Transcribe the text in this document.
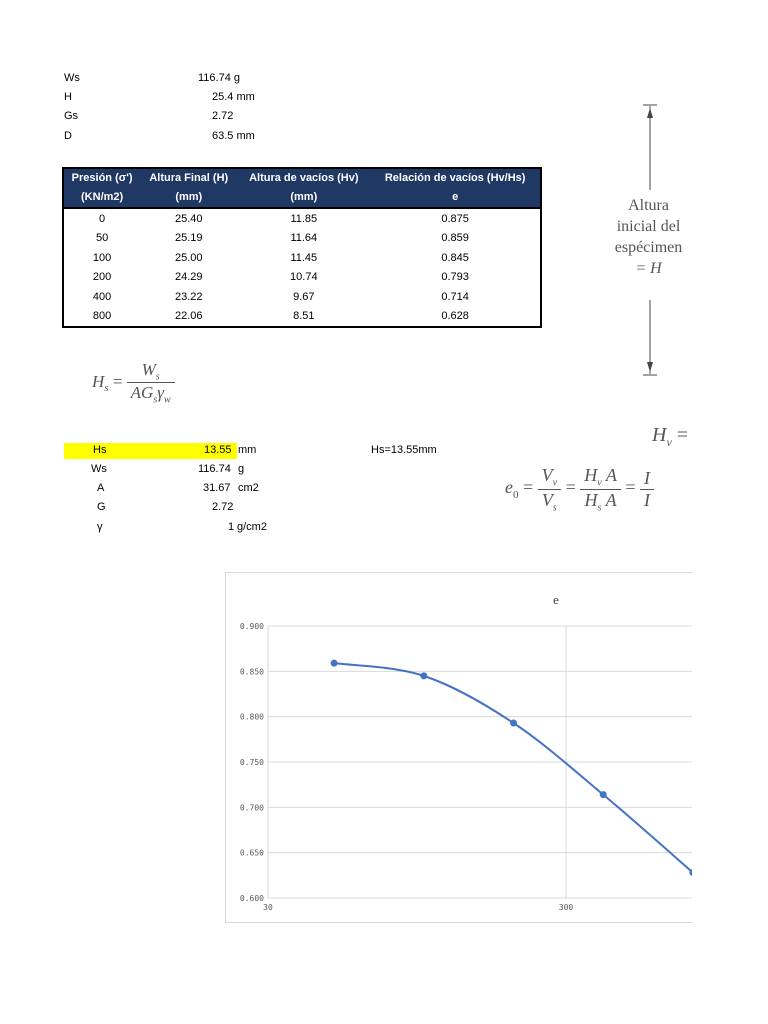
Ws	116.74 g
H	25.4 mm
Gs	2.72
D	63.5 mm
Presión (σ')	Altura Final (H)	Altura de vacíos (Hv)	Relación de vacíos (Hv/Hs)
(KN/m2)	(mm)	(mm)	e
0	25.40	11.85	0.875
50	25.19	11.64	0.859
100	25.00	11.45	0.845
200	24.29	10.74	0.793
400	23.22	9.67	0.714
800	22.06	8.51	0.628
Altura
inicial del
espécimen
= H
$H_v$ =
$H_s = \frac{W_s}{AG_s\gamma_w}$
$e_0 = \frac{V_v}{V_s} = \frac{H_v A}{H_s A} = \frac{I}{I}$
Hs	13.55 mm
Ws	116.74 g
A	31.67 cm2
G	2.72
γ	1 g/cm2
Hs=13.55mm
e
0.900
0.850
0.800
0.750
0.700
0.650
0.600
30	300
